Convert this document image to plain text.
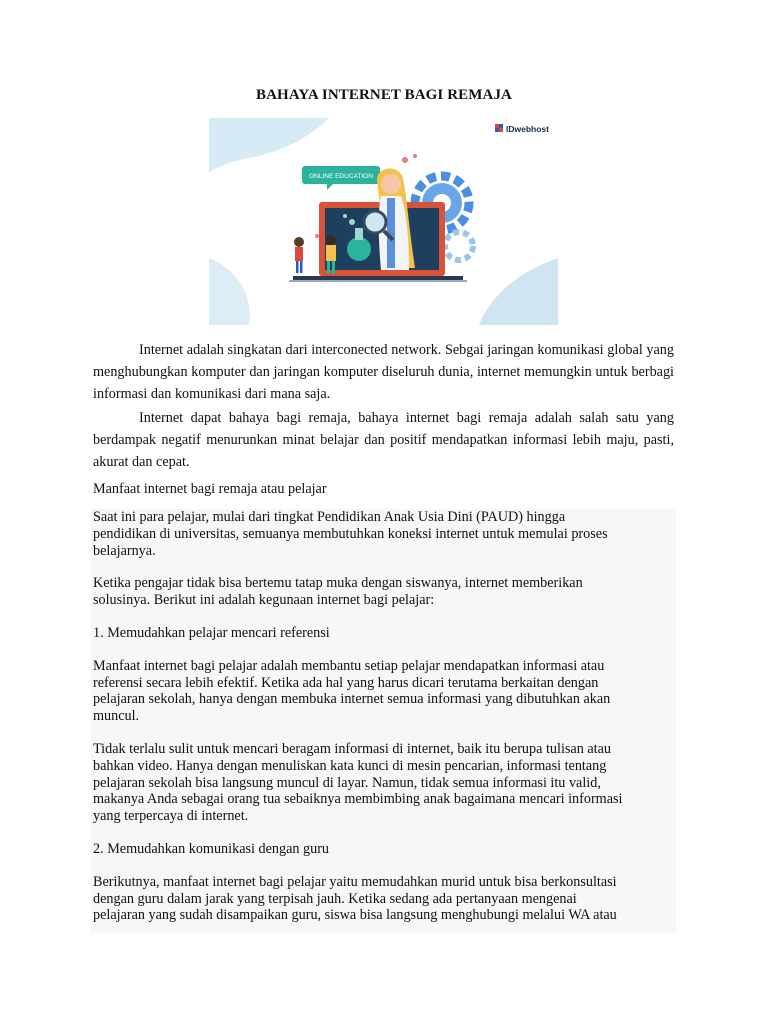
BAHAYA INTERNET BAGI REMAJA
IDwebhost
ONLINE EDUCATION
Internet adalah singkatan dari interconected network. Sebgai jaringan komunikasi global yang menghubungkan komputer dan jaringan komputer diseluruh dunia, internet memungkin untuk berbagi informasi dan komunikasi dari mana saja.
Internet dapat bahaya bagi remaja, bahaya internet bagi remaja adalah salah satu yang berdampak negatif menurunkan minat belajar dan positif mendapatkan informasi lebih maju, pasti, akurat dan cepat.
Manfaat internet bagi remaja atau pelajar

Saat ini para pelajar, mulai dari tingkat Pendidikan Anak Usia Dini (PAUD) hingga
pendidikan di universitas, semuanya membutuhkan koneksi internet untuk memulai proses
belajarnya.

Ketika pengajar tidak bisa bertemu tatap muka dengan siswanya, internet memberikan
solusinya. Berikut ini adalah kegunaan internet bagi pelajar:

1. Memudahkan pelajar mencari referensi

Manfaat internet bagi pelajar adalah membantu setiap pelajar mendapatkan informasi atau
referensi secara lebih efektif. Ketika ada hal yang harus dicari terutama berkaitan dengan
pelajaran sekolah, hanya dengan membuka internet semua informasi yang dibutuhkan akan
muncul.

Tidak terlalu sulit untuk mencari beragam informasi di internet, baik itu berupa tulisan atau
bahkan video. Hanya dengan menuliskan kata kunci di mesin pencarian, informasi tentang
pelajaran sekolah bisa langsung muncul di layar. Namun, tidak semua informasi itu valid,
makanya Anda sebagai orang tua sebaiknya membimbing anak bagaimana mencari informasi
yang terpercaya di internet.

2. Memudahkan komunikasi dengan guru

Berikutnya, manfaat internet bagi pelajar yaitu memudahkan murid untuk bisa berkonsultasi
dengan guru dalam jarak yang terpisah jauh. Ketika sedang ada pertanyaan mengenai
pelajaran yang sudah disampaikan guru, siswa bisa langsung menghubungi melalui WA atau
